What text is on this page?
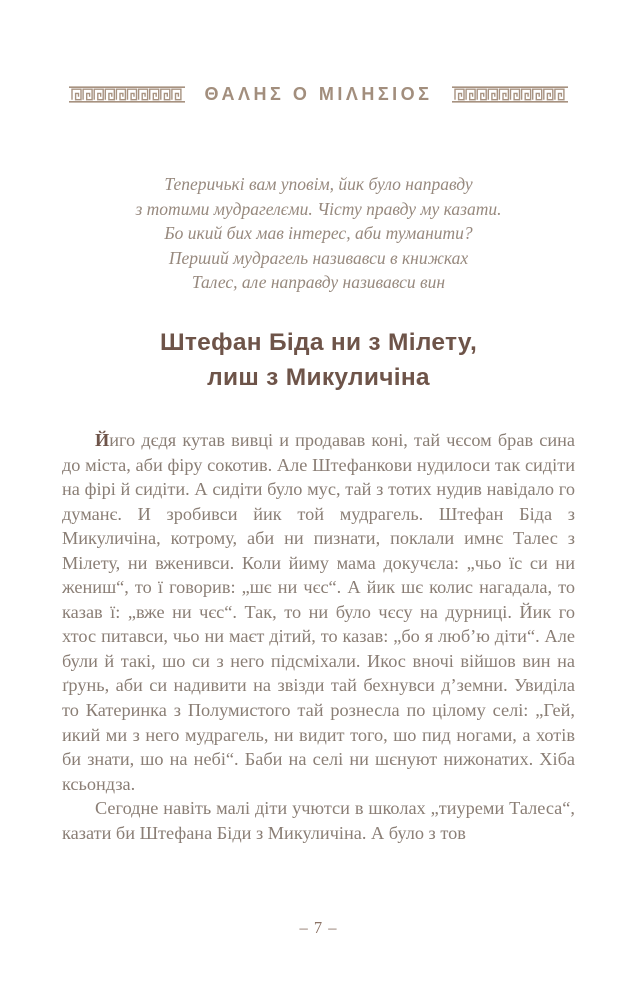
ΘΑΛΗΣ Ο ΜΙΛΗΣΙΟΣ
Теперичькі вам уповім, йик було направду
з тотими мудрагелєми. Чісту правду му казати.
Бо икий бих мав інтерес, аби туманити?
Перший мудрагель називавси в книжках
Талес, але направду називавси вин
Штефан Біда ни з Мілету,
лиш з Микуличіна

Йиго дєдя кутав вивці и продавав коні, тай чєсом брав сина до міста, аби фіру сокотив. Але Штефанкови нудилоси так сидіти на фірі й сидіти. А сидіти було мус, тай з тотих нудив навідало го думанє. И зробивси йик той мудрагель. Штефан Біда з Микуличіна, котрому, аби ни пизнати, поклали имнє Талес з Мілету, ни вженивси. Коли йиму мама докучєла: „чьо їс си ни жениш“, то ї говорив: „шє ни чєс“. А йик шє колис нагадала, то казав ї: „вже ни чєс“. Так, то ни було чєсу на дурниці. Йик го хтос питавси, чьо ни маєт дітий, то казав: „бо я люб’ю діти“. Але були й такі, шо си з него підсміхали. Икос вночі війшов вин на ґрунь, аби си надивити на звізди тай бехнувси д’земни. Увиділа то Катеринка з Полумистого тай рознесла по цілому селі: „Гей, икий ми з него мудрагель, ни видит того, шо пид ногами, а хотів би знати, шо на небі“. Баби на селі ни шєнуют нижонатих. Хіба ксьондза.

Сегодне навіть малі діти учютси в школах „тиуреми Талеса“, казати би Штефана Біди з Микуличіна. А було з тов

– 7 –
